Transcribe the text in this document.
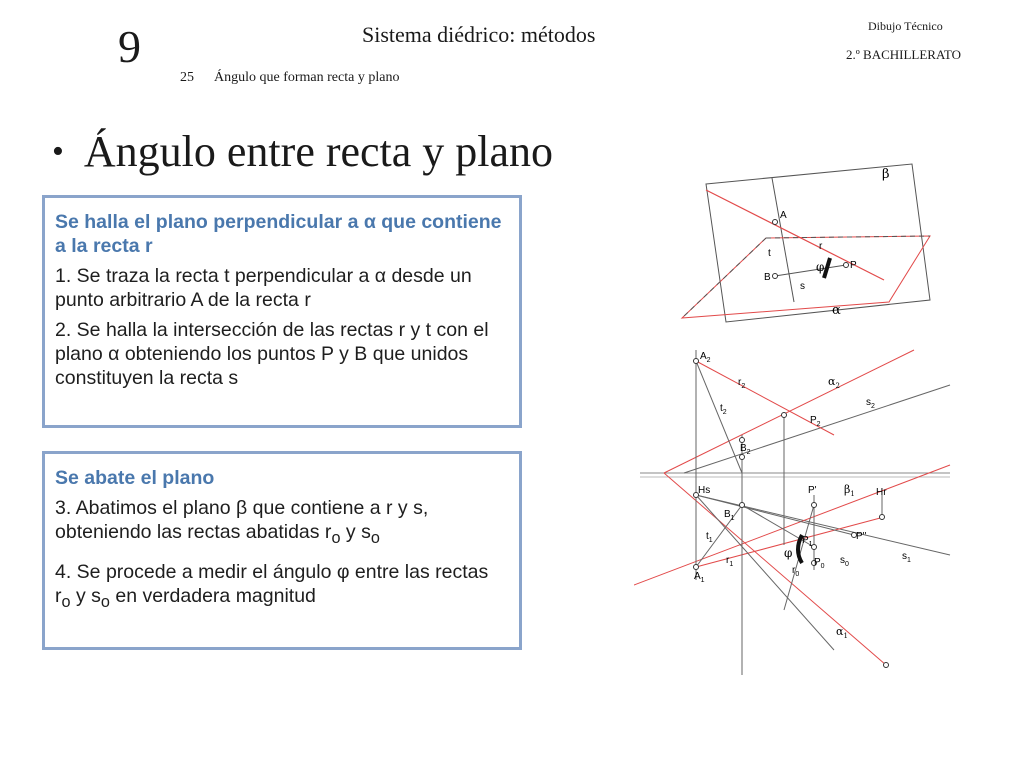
9	Sistema diédrico: métodos
25 Ángulo que forman recta y plano
Dibujo Técnico
2.º BACHILLERATO
• Ángulo entre recta y plano
Se halla el plano perpendicular a α que contiene a la recta r
1. Se traza la recta t perpendicular a α desde un punto arbitrario A de la recta r
2. Se halla la intersección de las rectas r y t con el plano α obteniendo los puntos P y B que unidos constituyen la recta s
Se abate el plano
3. Abatimos el plano β que contiene a r y s, obteniendo las rectas abatidas $r_o$ y $s_o$
4. Se procede a medir el ángulo φ entre las rectas $r_o$ y $s_o$ en verdadera magnitud
β
A
r
t
φ	P
B
s
α
$A_2$
$r_2$	$\alpha_2$
$t_2$
$s_2$
$P_2$
$B_2$
Hs	P' $\beta_1$ Hr
$B_1$
$P_1$
P''
$t_1$
φ
$r_1$	$P_0$
$s_0$
$s_1$
$r_0$
$A_1$
$\alpha_1$
